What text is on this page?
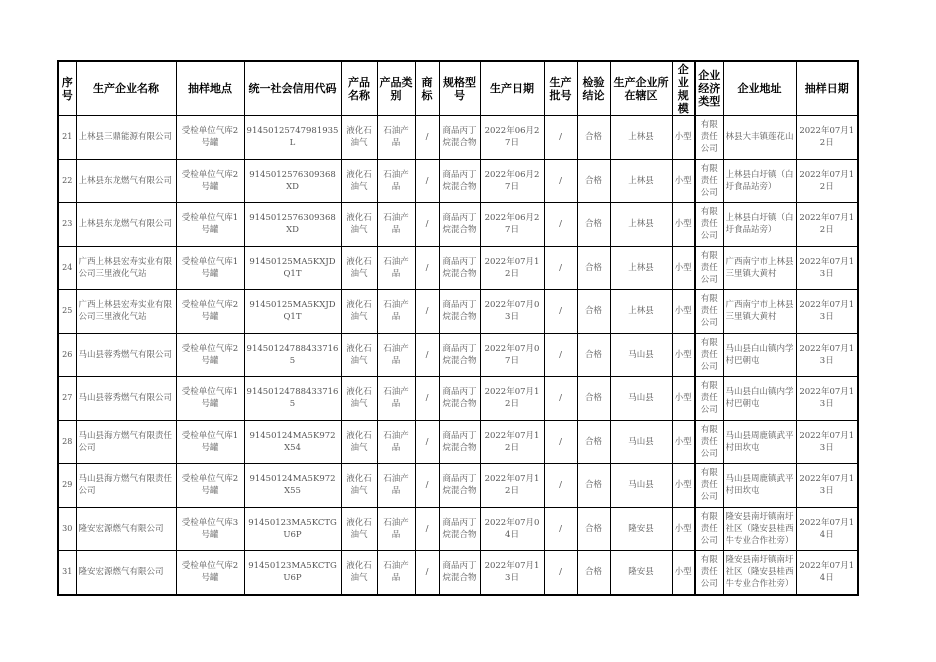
序号	生产企业名称	抽样地点	统一社会信用代码	产品名称	产品类别	商标	规格型号	生产日期	生产批号	检验结论	生产企业所在辖区	企业规模	企业经济类型	企业地址	抽样日期

21	上林县三鼎能源有限公司	受检单位气库2号罐	91450125747981935L	液化石油气	石油产品	/	商品丙丁烷混合物	2022年06月27日	/	合格	上林县	小型	有限责任公司	林县大丰镇莲花山	2022年07月12日

22	上林县东龙燃气有限公司	受检单位气库2号罐	914501257630936​8XD	液化石油气	石油产品	/	商品丙丁烷混合物	2022年06月27日	/	合格	上林县	小型	有限责任公司	上林县白圩镇（白圩食品站旁）	2022年07月12日

23	上林县东龙燃气有限公司	受检单位气库1号罐	9145012576309368XD	液化石油气	石油产品	/	商品丙丁烷混合物	2022年06月27日	/	合格	上林县	小型	有限责任公司	上林县白圩镇（白圩食品站旁）	2022年07月12日

24	广西上林县宏寿实业有限公司三里液化气站	受检单位气库1号罐	91450125MA5KXJDQ1T	液化石油气	石油产品	/	商品丙丁烷混合物	2022年07月12日	/	合格	上林县	小型	有限责任公司	广西南宁市上林县三里镇大黄村	2022年07月13日

25	广西上林县宏寿实业有限公司三里液化气站	受检单位气库2号罐	91450125MA5KXJDQ1T	液化石油气	石油产品	/	商品丙丁烷混合物	2022年07月03日	/	合格	上林县	小型	有限责任公司	广西南宁市上林县三里镇大黄村	2022年07月13日

26	马山县蓉秀燃气有限公司	受检单位气库2号罐	914501247884337165	液化石油气	石油产品	/	商品丙丁烷混合物	2022年07月07日	/	合格	马山县	小型	有限责任公司	马山县白山镇内学村巴朝屯	2022年07月13日

27	马山县蓉秀燃气有限公司	受检单位气库1号罐	914501247884337165	液化石油气	石油产品	/	商品丙丁烷混合物	2022年07月12日	/	合格	马山县	小型	有限责任公司	马山县白山镇内学村巴朝屯	2022年07月13日

28	马山县海方燃气有限责任公司	受检单位气库1号罐	91450124MA5K972X54	液化石油气	石油产品	/	商品丙丁烷混合物	2022年07月12日	/	合格	马山县	小型	有限责任公司	马山县周鹿镇武平村田坎屯	2022年07月13日

29	马山县海方燃气有限责任公司	受检单位气库2号罐	91450124MA5K972X55	液化石油气	石油产品	/	商品丙丁烷混合物	2022年07月12日	/	合格	马山县	小型	有限责任公司	马山县周鹿镇武平村田坎屯	2022年07月13日

30	隆安宏源燃气有限公司	受检单位气库3号罐	91450123MA5KCTGU6P	液化石油气	石油产品	/	商品丙丁烷混合物	2022年07月04日	/	合格	隆安县	小型	有限责任公司	隆安县南圩镇南圩社区（隆安县桂西牛专业合作社旁）	2022年07月14日

31	隆安宏源燃气有限公司	受检单位气库2号罐	91450123MA5KCTGU6P	液化石油气	石油产品	/	商品丙丁烷混合物	2022年07月13日	/	合格	隆安县	小型	有限责任公司	隆安县南圩镇南圩社区（隆安县桂西牛专业合作社旁）	2022年07月14日
